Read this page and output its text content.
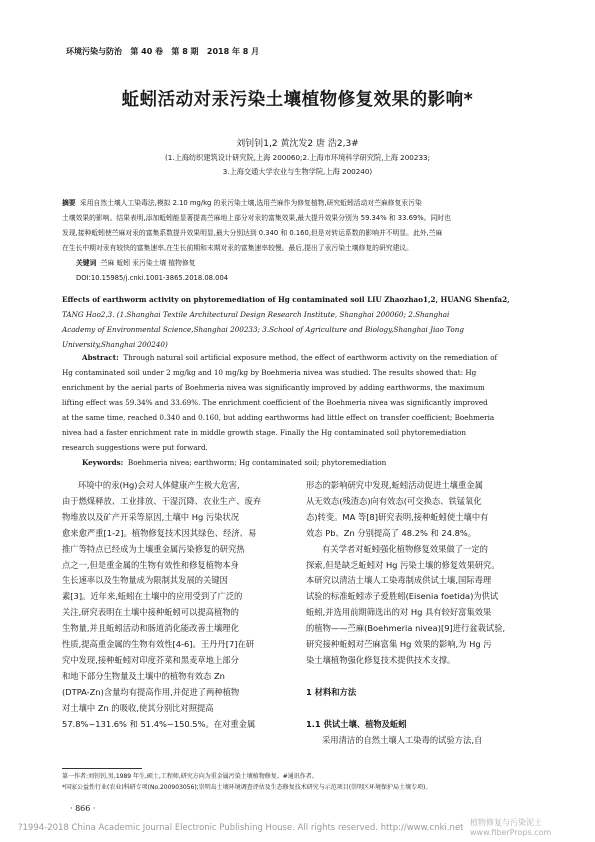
环境污染与防治 第 40 卷 第 8 期 2018 年 8 月
蚯蚓活动对汞污染土壤植物修复效果的影响*
刘钊钊1,2 黄沈发2 唐 浩2,3#
(1.上海纺织建筑设计研究院,上海 200060;2.上海市环境科学研究院,上海 200233;
3.上海交通大学农业与生物学院,上海 200240)
摘要 采用自然土壤人工染毒法,模拟 2.10 mg/kg 的汞污染土壤,选用苎麻作为修复植物,研究蚯蚓活动对苎麻修复汞污染
土壤效果的影响。结果表明,添加蚯蚓能显著提高苎麻地上部分对汞的富集效果,最大提升效果分别为 59.34% 和 33.69%。同时也
发现,接种蚯蚓使苎麻对汞的富集系数提升效果明显,最大分别达到 0.340 和 0.160,但是对转运系数的影响并不明显。此外,苎麻
在生长中期对汞有较快的富集速率,在生长前期和末期对汞的富集速率较慢。最后,提出了汞污染土壤修复的研究建议。
关键词 苎麻 蚯蚓 汞污染土壤 植物修复
DOI:10.15985/j.cnki.1001-3865.2018.08.004
Effects of earthworm activity on phytoremediation of Hg contaminated soil LIU Zhaozhao1,2, HUANG Shenfa2,
TANG Hao2,3. (1.Shanghai Textile Architectural Design Research Institute, Shanghai 200060; 2.Shanghai
Academy of Environmental Science,Shanghai 200233; 3.School of Agriculture and Biology,Shanghai Jiao Tong
University,Shanghai 200240)
Abstract: Through natural soil artificial exposure method, the effect of earthworm activity on the remediation of
Hg contaminated soil under 2 mg/kg and 10 mg/kg by Boehmeria nivea was studied. The results showed that: Hg
enrichment by the aerial parts of Boehmeria nivea was significantly improved by adding earthworms, the maximum
lifting effect was 59.34% and 33.69%. The enrichment coefficient of the Boehmeria nivea was significantly improved
at the same time, reached 0.340 and 0.160, but adding earthworms had little effect on transfer coefficient; Boehmeria
nivea had a faster enrichment rate in middle growth stage. Finally the Hg contaminated soil phytoremediation
research suggestions were put forward.
Keywords: Boehmeria nivea; earthworm; Hg contaminated soil; phytoremediation
环境中的汞(Hg)会对人体健康产生极大危害,
由于燃煤释放、工业排放、干湿沉降、农业生产、废弃
物堆放以及矿产开采等原因,土壤中 Hg 污染状况
愈来愈严重[1-2]。植物修复技术因其绿色、经济、易
推广等特点已经成为土壤重金属污染修复的研究热
点之一,但是重金属的生物有效性和修复植物本身
生长速率以及生物量成为限制其发展的关键因
素[3]。近年来,蚯蚓在土壤中的应用受到了广泛的
关注,研究表明在土壤中接种蚯蚓可以提高植物的
生物量,并且蚯蚓活动和肠道消化能改善土壤理化
性质,提高重金属的生物有效性[4-6]。王丹丹[7]在研
究中发现,接种蚯蚓对印度芥菜和黑麦草地上部分
和地下部分生物量及土壤中的植物有效态 Zn
(DTPA-Zn)含量均有提高作用,并促进了两种植物
对土壤中 Zn 的吸收,使其分别比对照提高
57.8%~131.6% 和 51.4%~150.5%。在对重金属
形态的影响研究中发现,蚯蚓活动促进土壤重金属
从无效态(残渣态)向有效态(可交换态、铁锰氧化
态)转变。MA 等[8]研究表明,接种蚯蚓使土壤中有
效态 Pb、Zn 分别提高了 48.2% 和 24.8%。
有关学者对蚯蚓强化植物修复效果做了一定的
探索,但是缺乏蚯蚓对 Hg 污染土壤的修复效果研究。
本研究以清洁土壤人工染毒制成供试土壤,国际毒理
试验的标准蚯蚓赤子爱胜蚓(Eisenia foetida)为供试
蚯蚓,并选用前期筛选出的对 Hg 具有较好富集效果
的植物——苎麻(Boehmeria nivea)[9]进行盆栽试验,
研究接种蚯蚓对苎麻富集 Hg 效果的影响,为 Hg 污
染土壤植物强化修复技术提供技术支撑。

1 材料和方法

1.1 供试土壤、植物及蚯蚓
采用清洁的自然土壤人工染毒的试验方法,自
第一作者:刘钊钊,男,1989 年生,硕士,工程师,研究方向为重金属污染土壤植物修复。#通讯作者。
*国家公益性行业(农业)科研专项(No.200903056);崇明岛土壤环境调查评估及生态修复技术研究与示范项目(崇明区环境保护局土壤专项)。
· 866 ·
?1994-2018 China Academic Journal Electronic Publishing House. All rights reserved. http://www.cnki.net
植物修复与污染泥土
www.fiberProps.com
